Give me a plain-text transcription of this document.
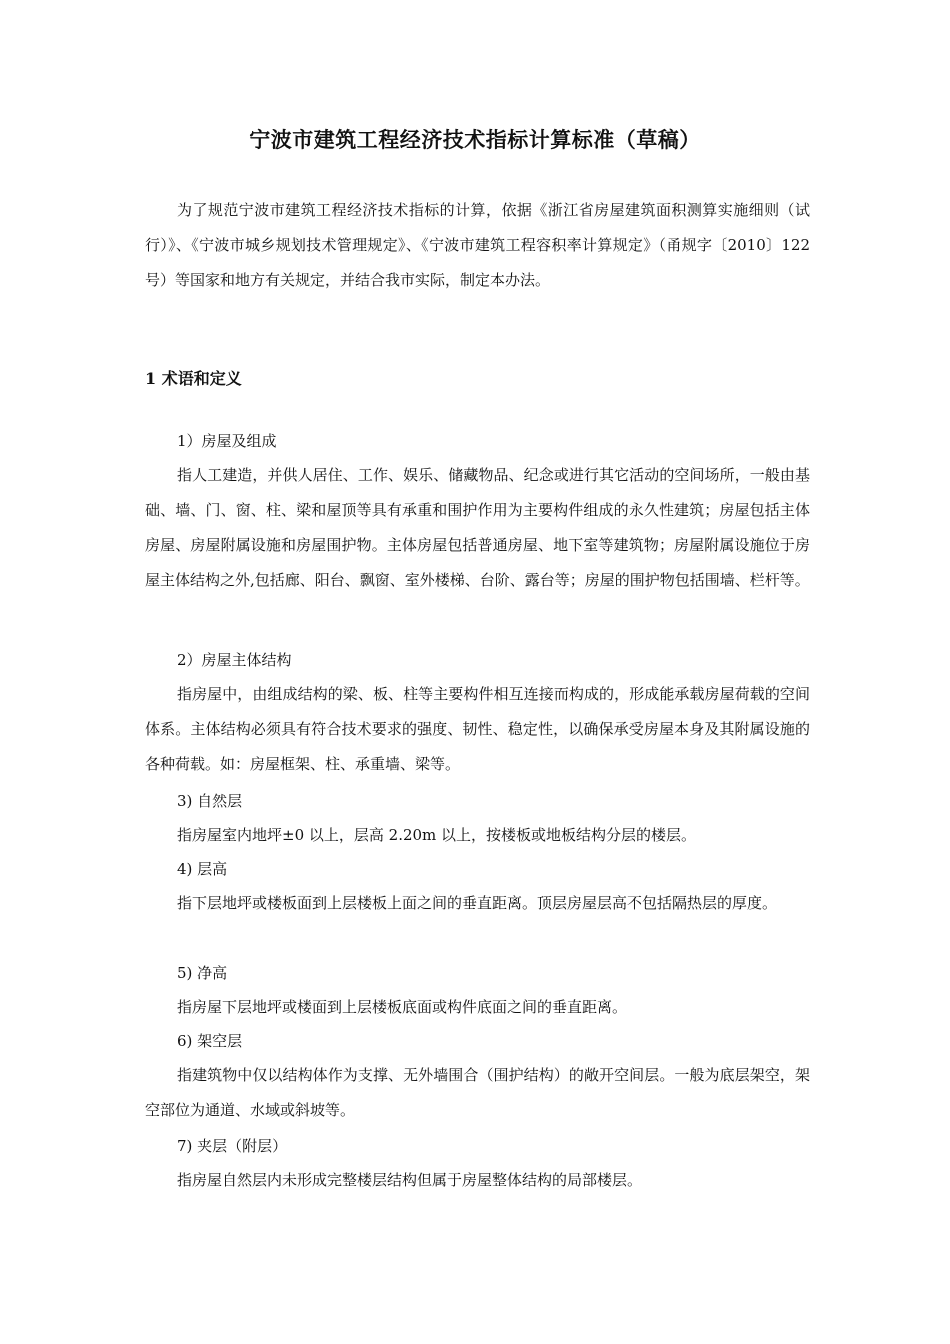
宁波市建筑工程经济技术指标计算标准（草稿）
为了规范宁波市建筑工程经济技术指标的计算，依据《浙江省房屋建筑面积测算实施细则（试行）》、《宁波市城乡规划技术管理规定》、《宁波市建筑工程容积率计算规定》（甬规字〔2010〕122号）等国家和地方有关规定，并结合我市实际，制定本办法。
1 术语和定义
1）房屋及组成
指人工建造，并供人居住、工作、娱乐、储藏物品、纪念或进行其它活动的空间场所，一般由基础、墙、门、窗、柱、梁和屋顶等具有承重和围护作用为主要构件组成的永久性建筑；房屋包括主体房屋、房屋附属设施和房屋围护物。主体房屋包括普通房屋、地下室等建筑物；房屋附属设施位于房屋主体结构之外,包括廊、阳台、飘窗、室外楼梯、台阶、露台等；房屋的围护物包括围墙、栏杆等。
2）房屋主体结构
指房屋中，由组成结构的梁、板、柱等主要构件相互连接而构成的，形成能承载房屋荷载的空间体系。主体结构必须具有符合技术要求的强度、韧性、稳定性，以确保承受房屋本身及其附属设施的各种荷载。如：房屋框架、柱、承重墙、梁等。
3) 自然层
指房屋室内地坪±0 以上，层高 2.20m 以上，按楼板或地板结构分层的楼层。
4) 层高
指下层地坪或楼板面到上层楼板上面之间的垂直距离。顶层房屋层高不包括隔热层的厚度。
5) 净高
指房屋下层地坪或楼面到上层楼板底面或构件底面之间的垂直距离。
6) 架空层
指建筑物中仅以结构体作为支撑、无外墙围合（围护结构）的敞开空间层。一般为底层架空，架空部位为通道、水域或斜坡等。
7) 夹层（附层）
指房屋自然层内未形成完整楼层结构但属于房屋整体结构的局部楼层。
